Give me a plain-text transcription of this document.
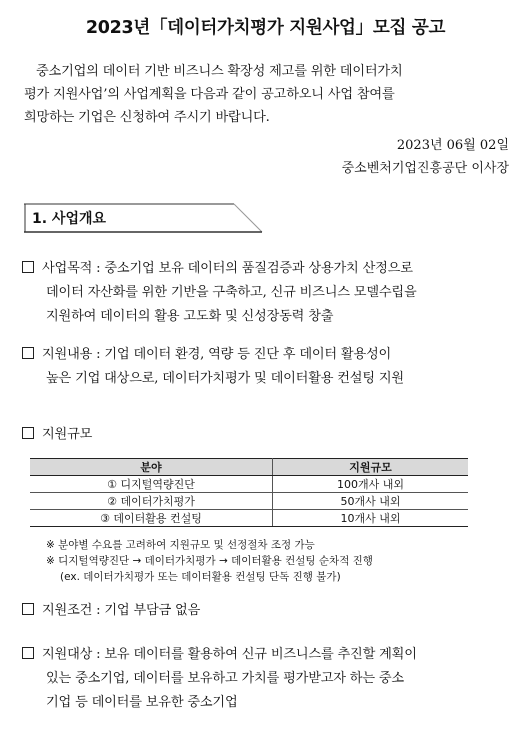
2023년「데이터가치평가 지원사업」모집 공고
중소기업의 데이터 기반 비즈니스 확장성 제고를 위한 데이터가치
평가 지원사업’의 사업계획을 다음과 같이 공고하오니 사업 참여를
희망하는 기업은 신청하여 주시기 바랍니다.
2023년 06월 02일
중소벤처기업진흥공단 이사장
1. 사업개요
사업목적 : 중소기업 보유 데이터의 품질검증과 상용가치 산정으로
데이터 자산화를 위한 기반을 구축하고, 신규 비즈니스 모델수립을
지원하여 데이터의 활용 고도화 및 신성장동력 창출
지원내용 : 기업 데이터 환경, 역량 등 진단 후 데이터 활용성이
높은 기업 대상으로, 데이터가치평가 및 데이터활용 컨설팅 지원
지원규모
분야	지원규모
① 디지털역량진단	100개사 내외
② 데이터가치평가	50개사 내외
③ 데이터활용 컨설팅	10개사 내외
※ 분야별 수요를 고려하여 지원규모 및 선정절차 조정 가능
※ 디지털역량진단 → 데이터가치평가 → 데이터활용 컨설팅 순차적 진행
(ex. 데이터가치평가 또는 데이터활용 컨설팅 단독 진행 불가)
지원조건 : 기업 부담금 없음
지원대상 : 보유 데이터를 활용하여 신규 비즈니스를 추진할 계획이
있는 중소기업, 데이터를 보유하고 가치를 평가받고자 하는 중소
기업 등 데이터를 보유한 중소기업
